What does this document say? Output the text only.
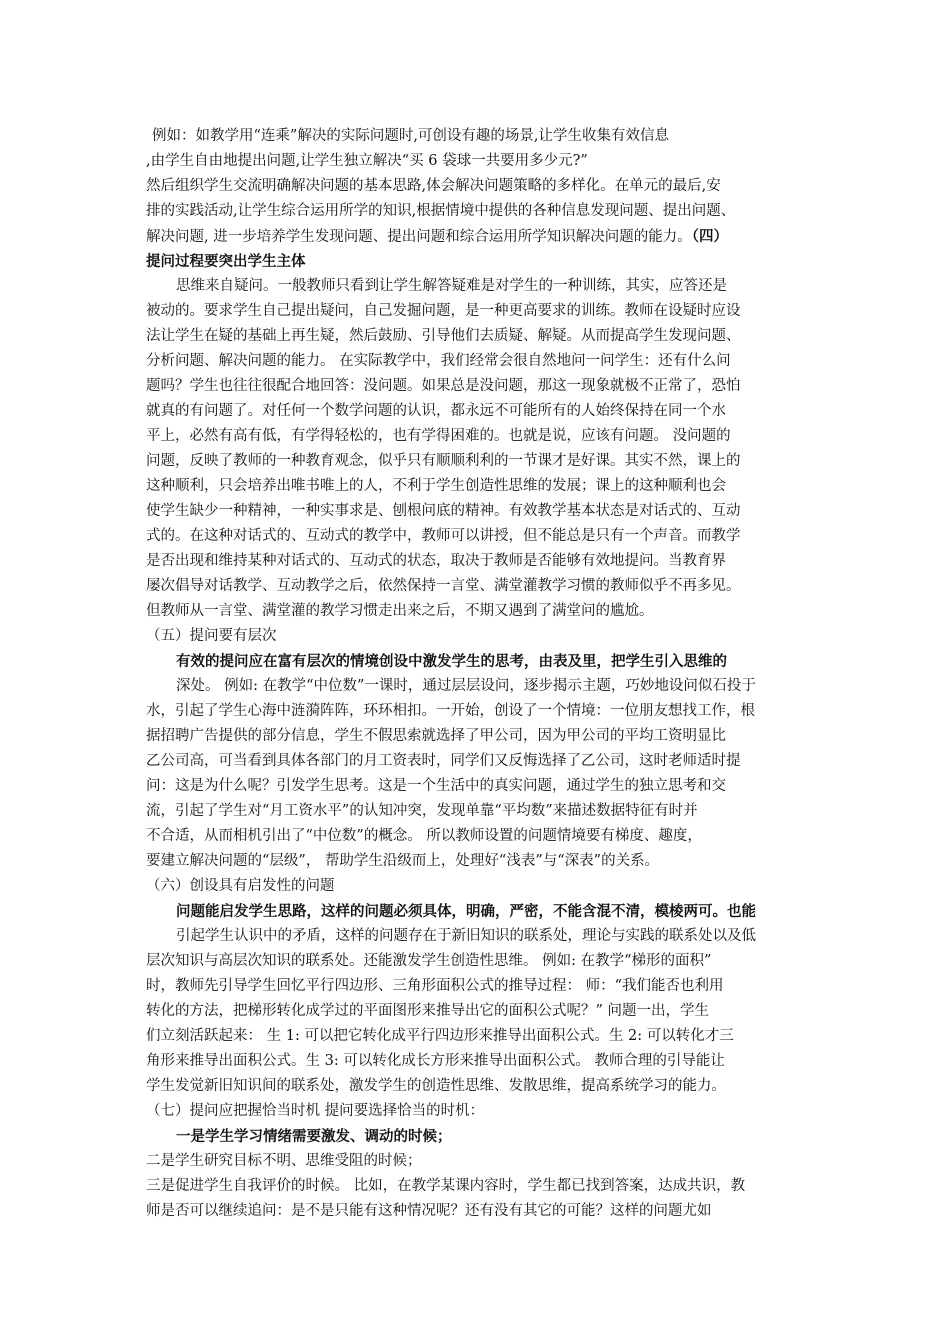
例如：如教学用“连乘”解决的实际问题时,可创设有趣的场景,让学生收集有效信息
,由学生自由地提出问题,让学生独立解决“买 6 袋球一共要用多少元?”
然后组织学生交流明确解决问题的基本思路,体会解决问题策略的多样化。在单元的最后,安
排的实践活动,让学生综合运用所学的知识,根据情境中提供的各种信息发现问题、提出问题、
解决问题, 进一步培养学生发现问题、提出问题和综合运用所学知识解决问题的能力。（四）
提问过程要突出学生主体
思维来自疑问。一般教师只看到让学生解答疑难是对学生的一种训练，其实，应答还是
被动的。要求学生自己提出疑问，自己发掘问题，是一种更高要求的训练。教师在设疑时应设
法让学生在疑的基础上再生疑，然后鼓励、引导他们去质疑、解疑。从而提高学生发现问题、
分析问题、解决问题的能力。 在实际教学中，我们经常会很自然地问一问学生：还有什么问
题吗？学生也往往很配合地回答：没问题。如果总是没问题，那这一现象就极不正常了，恐怕
就真的有问题了。对任何一个数学问题的认识，都永远不可能所有的人始终保持在同一个水
平上，必然有高有低，有学得轻松的，也有学得困难的。也就是说，应该有问题。 没问题的
问题，反映了教师的一种教育观念，似乎只有顺顺利利的一节课才是好课。其实不然，课上的
这种顺利，只会培养出唯书唯上的人，不利于学生创造性思维的发展；课上的这种顺利也会
使学生缺少一种精神，一种实事求是、刨根问底的精神。有效教学基本状态是对话式的、互动
式的。在这种对话式的、互动式的教学中，教师可以讲授，但不能总是只有一个声音。而教学
是否出现和维持某种对话式的、互动式的状态，取决于教师是否能够有效地提问。当教育界
屡次倡导对话教学、互动教学之后，依然保持一言堂、满堂灌教学习惯的教师似乎不再多见。
但教师从一言堂、满堂灌的教学习惯走出来之后，不期又遇到了满堂问的尴尬。
（五）提问要有层次
有效的提问应在富有层次的情境创设中激发学生的思考，由表及里，把学生引入思维的
深处。 例如: 在教学“中位数”一课时，通过层层设问，逐步揭示主题，巧妙地设问似石投于
水，引起了学生心海中涟漪阵阵，环环相扣。一开始，创设了一个情境：一位朋友想找工作，根
据招聘广告提供的部分信息，学生不假思索就选择了甲公司，因为甲公司的平均工资明显比
乙公司高，可当看到具体各部门的月工资表时，同学们又反悔选择了乙公司，这时老师适时提
问：这是为什么呢？引发学生思考。这是一个生活中的真实问题，通过学生的独立思考和交
流，引起了学生对“月工资水平”的认知冲突，发现单靠“平均数”来描述数据特征有时并
不合适，从而相机引出了“中位数”的概念。 所以教师设置的问题情境要有梯度、趣度，
要建立解决问题的“层级”， 帮助学生沿级而上，处理好“浅表”与“深表”的关系。
（六）创设具有启发性的问题
问题能启发学生思路，这样的问题必须具体，明确，严密，不能含混不清，模棱两可。也能
引起学生认识中的矛盾，这样的问题存在于新旧知识的联系处，理论与实践的联系处以及低
层次知识与高层次知识的联系处。还能激发学生创造性思维。 例如: 在教学“梯形的面积”
时，教师先引导学生回忆平行四边形、三角形面积公式的推导过程： 师：“我们能否也利用
转化的方法，把梯形转化成学过的平面图形来推导出它的面积公式呢？” 问题一出，学生
们立刻活跃起来： 生 1: 可以把它转化成平行四边形来推导出面积公式。生 2: 可以转化才三
角形来推导出面积公式。生 3: 可以转化成长方形来推导出面积公式。 教师合理的引导能让
学生发觉新旧知识间的联系处，激发学生的创造性思维、发散思维，提高系统学习的能力。
（七）提问应把握恰当时机 提问要选择恰当的时机：
一是学生学习情绪需要激发、调动的时候；
二是学生研究目标不明、思维受阻的时候；
三是促进学生自我评价的时候。 比如，在教学某课内容时，学生都已找到答案，达成共识，教
师是否可以继续追问：是不是只能有这种情况呢？还有没有其它的可能？这样的问题尤如
